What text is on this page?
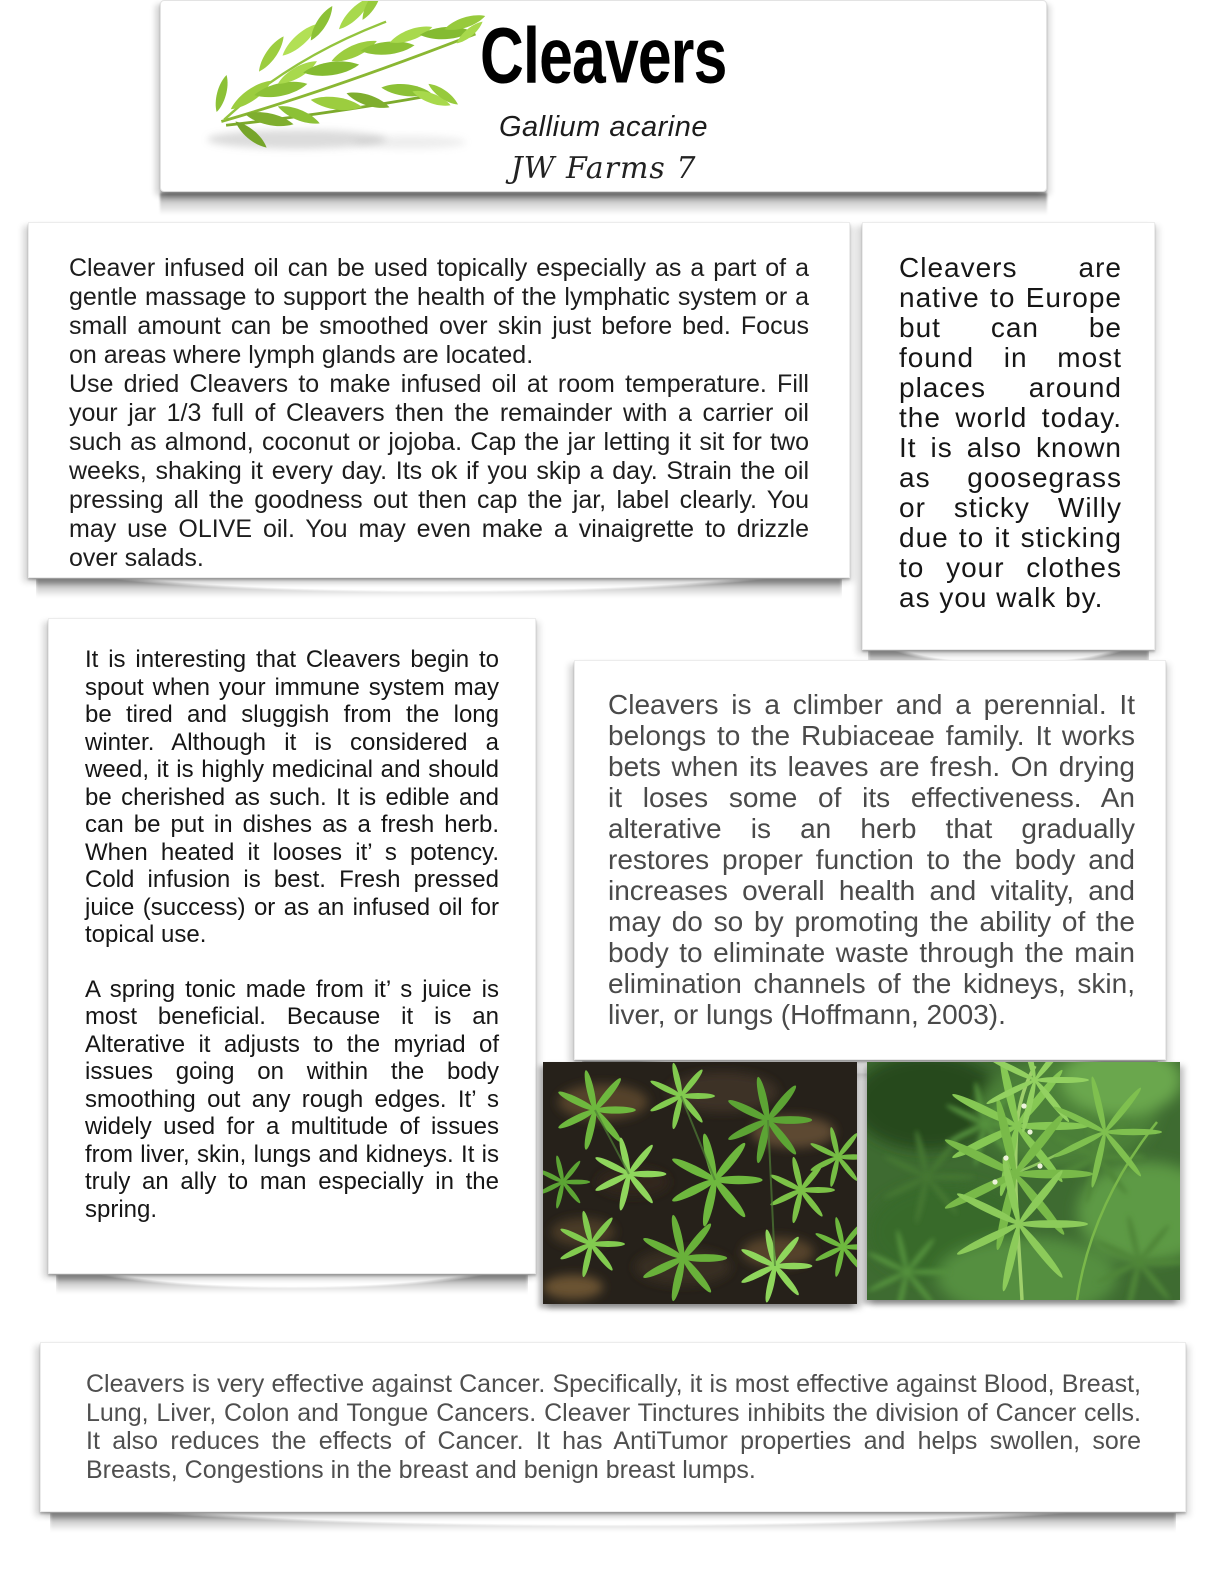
Cleavers
Gallium acarine
JW Farms 7

Cleaver infused oil can be used topically especially as a part of a gentle massage to support the health of the lymphatic system or a small amount can be smoothed over skin just before bed. Focus on areas where lymph glands are located.

Use dried Cleavers to make infused oil at room temperature. Fill your jar 1/3 full of Cleavers then the remainder with a carrier oil such as almond, coconut or jojoba. Cap the jar letting it sit for two weeks, shaking it every day. Its ok if you skip a day. Strain the oil pressing all the goodness out then cap the jar, label clearly. You may use OLIVE oil. You may even make a vinaigrette to drizzle over salads.

Cleavers are native to Europe but can be found in most places around the world today. It is also known as goosegrass or sticky Willy due to it sticking to your clothes as you walk by.

It is interesting that Cleavers begin to spout when your immune system may be tired and sluggish from the long winter. Although it is considered a weed, it is highly medicinal and should be cherished as such. It is edible and can be put in dishes as a fresh herb. When heated it looses it’ s potency. Cold infusion is best. Fresh pressed juice (success) or as an infused oil for topical use.

A spring tonic made from it’ s juice is most beneficial. Because it is an Alterative it adjusts to the myriad of issues going on within the body smoothing out any rough edges. It’ s widely used for a multitude of issues from liver, skin, lungs and kidneys. It is truly an ally to man especially in the spring.

Cleavers is a climber and a perennial. It belongs to the Rubiaceae family. It works bets when its leaves are fresh. On drying it loses some of its effectiveness. An alterative is an herb that gradually restores proper function to the body and increases overall health and vitality, and may do so by promoting the ability of the body to eliminate waste through the main elimination channels of the kidneys, skin, liver, or lungs (Hoffmann, 2003).

Cleavers is very effective against Cancer. Specifically, it is most effective against Blood, Breast, Lung, Liver, Colon and Tongue Cancers. Cleaver Tinctures inhibits the division of Cancer cells. It also reduces the effects of Cancer. It has AntiTumor properties and helps swollen, sore Breasts, Congestions in the breast and benign breast lumps.
